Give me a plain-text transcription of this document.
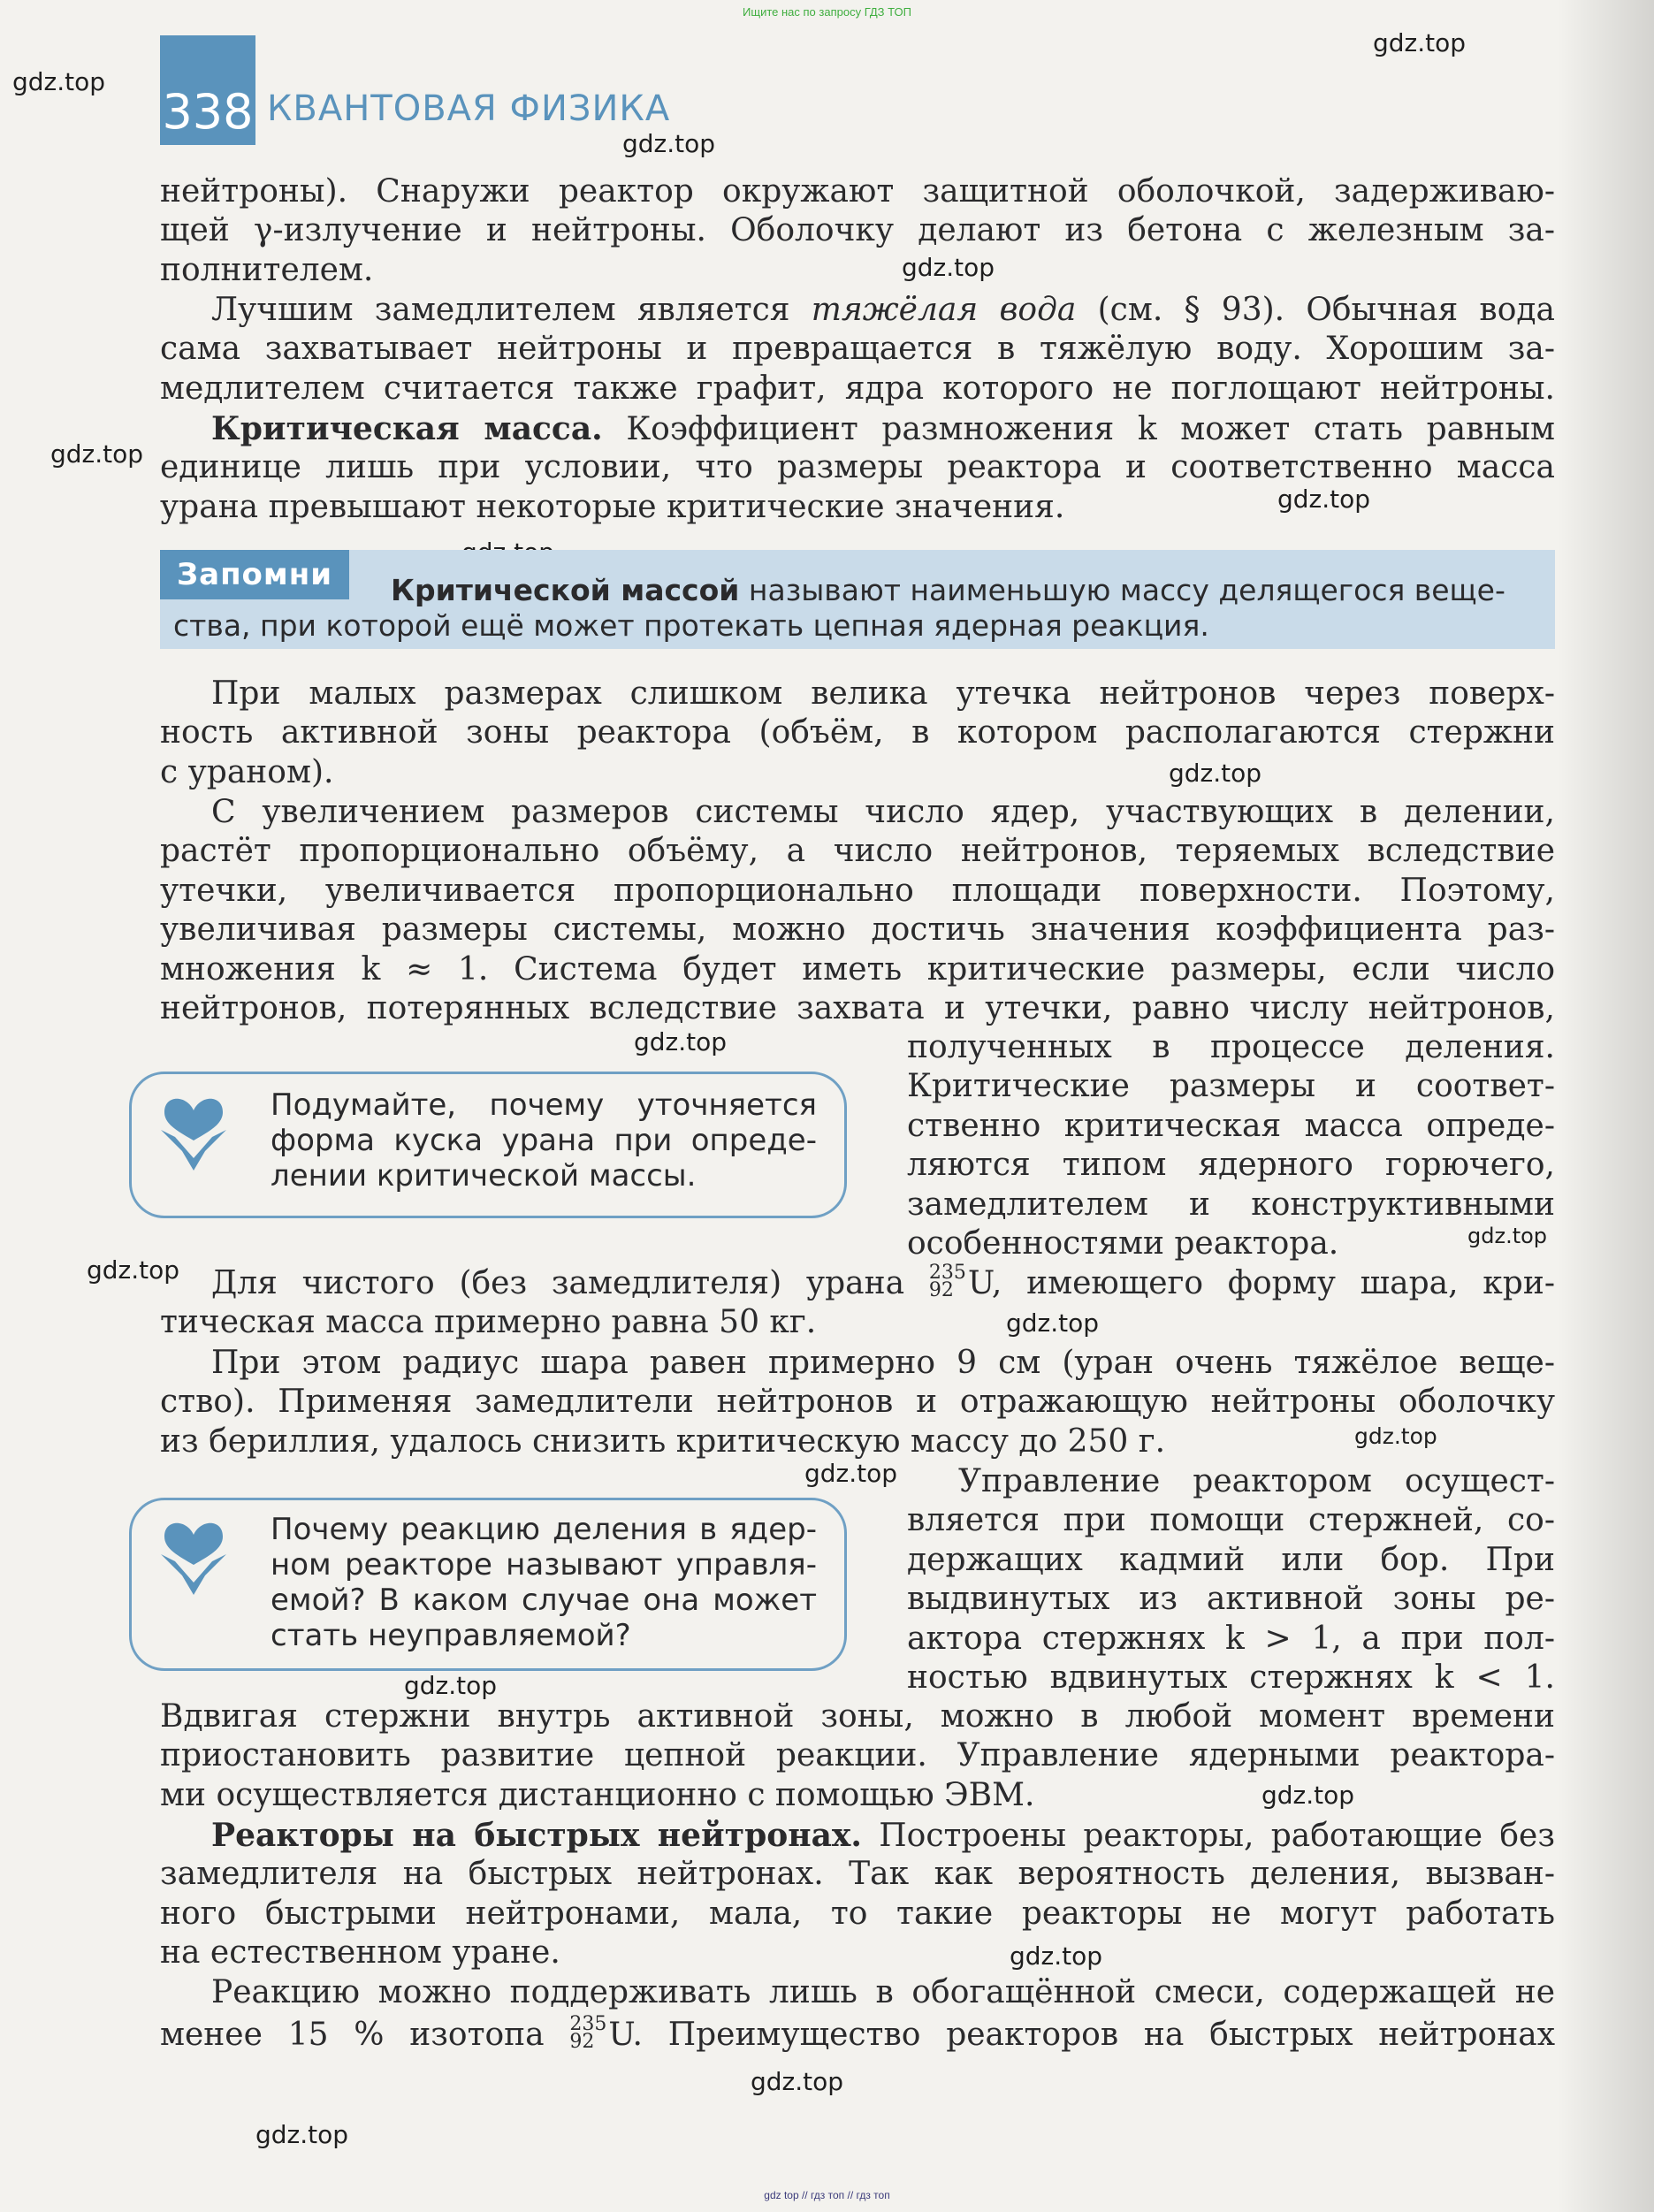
Ищите нас по запросу ГДЗ ТОП
338 КВАНТОВАЯ ФИЗИКА
gdz.top
gdz.top
gdz.top
gdz.top
gdz.top
gdz.top
gdz.top
gdz.top
gdz.top
gdz.top
gdz.top
gdz.top
gdz.top
gdz.top
gdz.top
gdz.top
gdz.top
gdz.top
нейтроны). Снаружи реактор окружают защитной оболочкой, задерживаю-
щей γ-излучение и нейтроны. Оболочку делают из бетона с железным за-
полнителем.
Лучшим замедлителем является тяжёлая вода (см. § 93). Обычная вода
сама захватывает нейтроны и превращается в тяжёлую воду. Хорошим за-
медлителем считается также графит, ядра которого не поглощают нейтроны.
Критическая масса. Коэффициент размножения k может стать равным
единице лишь при условии, что размеры реактора и соответственно масса
урана превышают некоторые критические значения.
Запомни	Критической массой называют наименьшую массу делящегося веще-
ства, при которой ещё может протекать цепная ядерная реакция.
При малых размерах слишком велика утечка нейтронов через поверх-
ность активной зоны реактора (объём, в котором располагаются стержни
с ураном).
С увеличением размеров системы число ядер, участвующих в делении,
растёт пропорционально объёму, а число нейтронов, теряемых вследствие
утечки, увеличивается пропорционально площади поверхности. Поэтому,
увеличивая размеры системы, можно достичь значения коэффициента раз-
множения k ≈ 1. Система будет иметь критические размеры, если число
нейтронов, потерянных вследствие захвата и утечки, равно числу нейтронов,
полученных в процессе деления.
Критические размеры и соответ-
ственно критическая масса опреде-
ляются типом ядерного горючего,
замедлителем и конструктивными
особенностями реактора.
Подумайте, почему уточняется
форма куска урана при опреде-
лении критической массы.
Для чистого (без замедлителя) урана 235
92 U, имеющего форму шара, кри-
тическая масса примерно равна 50 кг.
При этом радиус шара равен примерно 9 см (уран очень тяжёлое веще-
ство). Применяя замедлители нейтронов и отражающую нейтроны оболочку
из бериллия, удалось снизить критическую массу до 250 г.
Управление реактором осущест-
вляется при помощи стержней, со-
держащих кадмий или бор. При
выдвинутых из активной зоны ре-
актора стержнях k > 1, а при пол-
ностью вдвинутых стержнях k < 1.
Почему реакцию деления в ядер-
ном реакторе называют управля-
емой? В каком случае она может
стать неуправляемой?
Вдвигая стержни внутрь активной зоны, можно в любой момент времени
приостановить развитие цепной реакции. Управление ядерными реактора-
ми осуществляется дистанционно с помощью ЭВМ.
Реакторы на быстрых нейтронах. Построены реакторы, работающие без
замедлителя на быстрых нейтронах. Так как вероятность деления, вызван-
ного быстрыми нейтронами, мала, то такие реакторы не могут работать
на естественном уране.
Реакцию можно поддерживать лишь в обогащённой смеси, содержащей не
менее 15 % изотопа 235
92 U. Преимущество реакторов на быстрых нейтронах
gdz top // гдз топ // гдз топ
